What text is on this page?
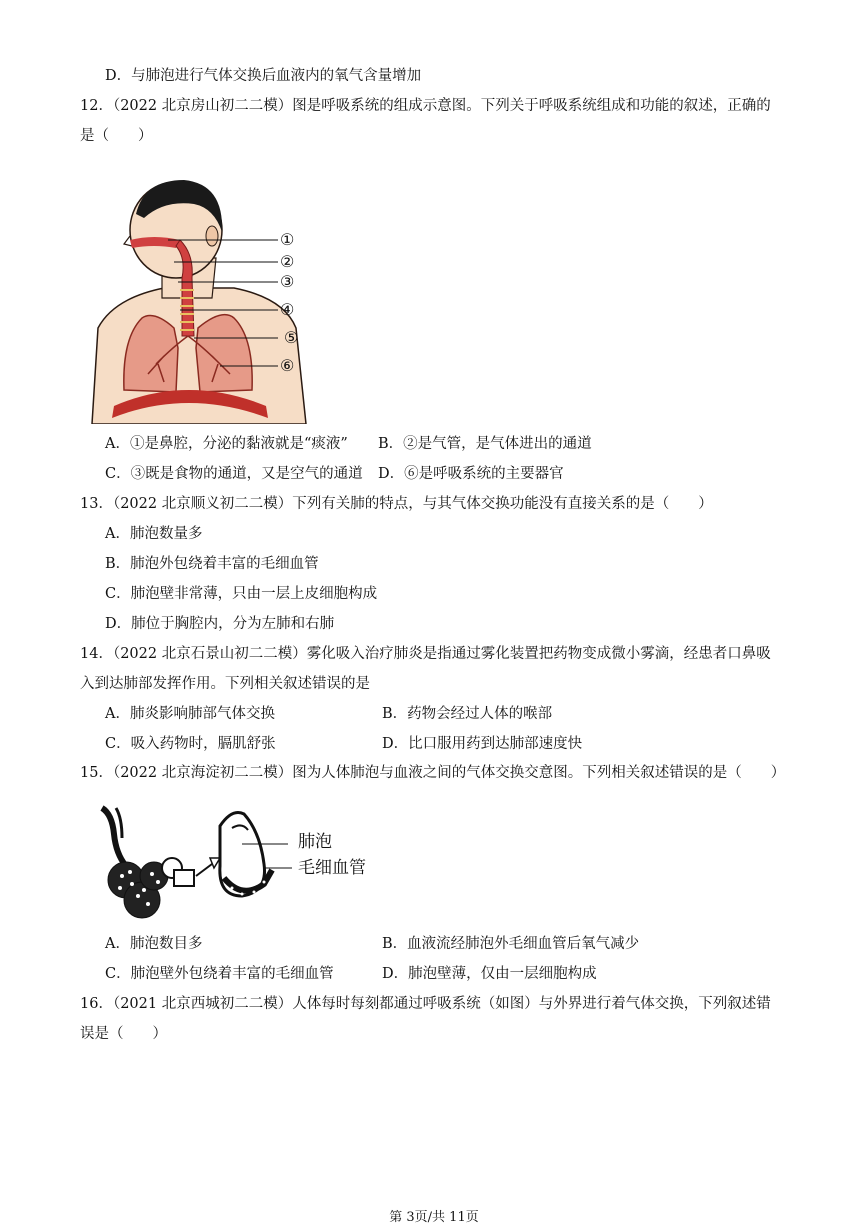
D．与肺泡进行气体交换后血液内的氧气含量增加
12．（2022 北京房山初二二模）图是呼吸系统的组成示意图。下列关于呼吸系统组成和功能的叙述，正确的
是（　　）
①
②
③
④
⑤
⑥
A．①是鼻腔，分泌的黏液就是“痰液” B．②是气管，是气体进出的通道
C．③既是食物的通道，又是空气的通道 D．⑥是呼吸系统的主要器官
13．（2022 北京顺义初二二模）下列有关肺的特点，与其气体交换功能没有直接关系的是（　　）
A．肺泡数量多
B．肺泡外包绕着丰富的毛细血管
C．肺泡壁非常薄，只由一层上皮细胞构成
D．肺位于胸腔内，分为左肺和右肺
14．（2022 北京石景山初二二模）雾化吸入治疗肺炎是指通过雾化装置把药物变成微小雾滴，经患者口鼻吸
入到达肺部发挥作用。下列相关叙述错误的是
A．肺炎影响肺部气体交换	B．药物会经过人体的喉部
C．吸入药物时，膈肌舒张	D．比口服用药到达肺部速度快
15．（2022 北京海淀初二二模）图为人体肺泡与血液之间的气体交换交意图。下列相关叙述错误的是（　　）
肺泡
毛细血管
A．肺泡数目多	B．血液流经肺泡外毛细血管后氧气减少
C．肺泡壁外包绕着丰富的毛细血管	D．肺泡壁薄，仅由一层细胞构成
16．（2021 北京西城初二二模）人体每时每刻都通过呼吸系统（如图）与外界进行着气体交换，下列叙述错
误是（　　）
第 3页/共 11页
